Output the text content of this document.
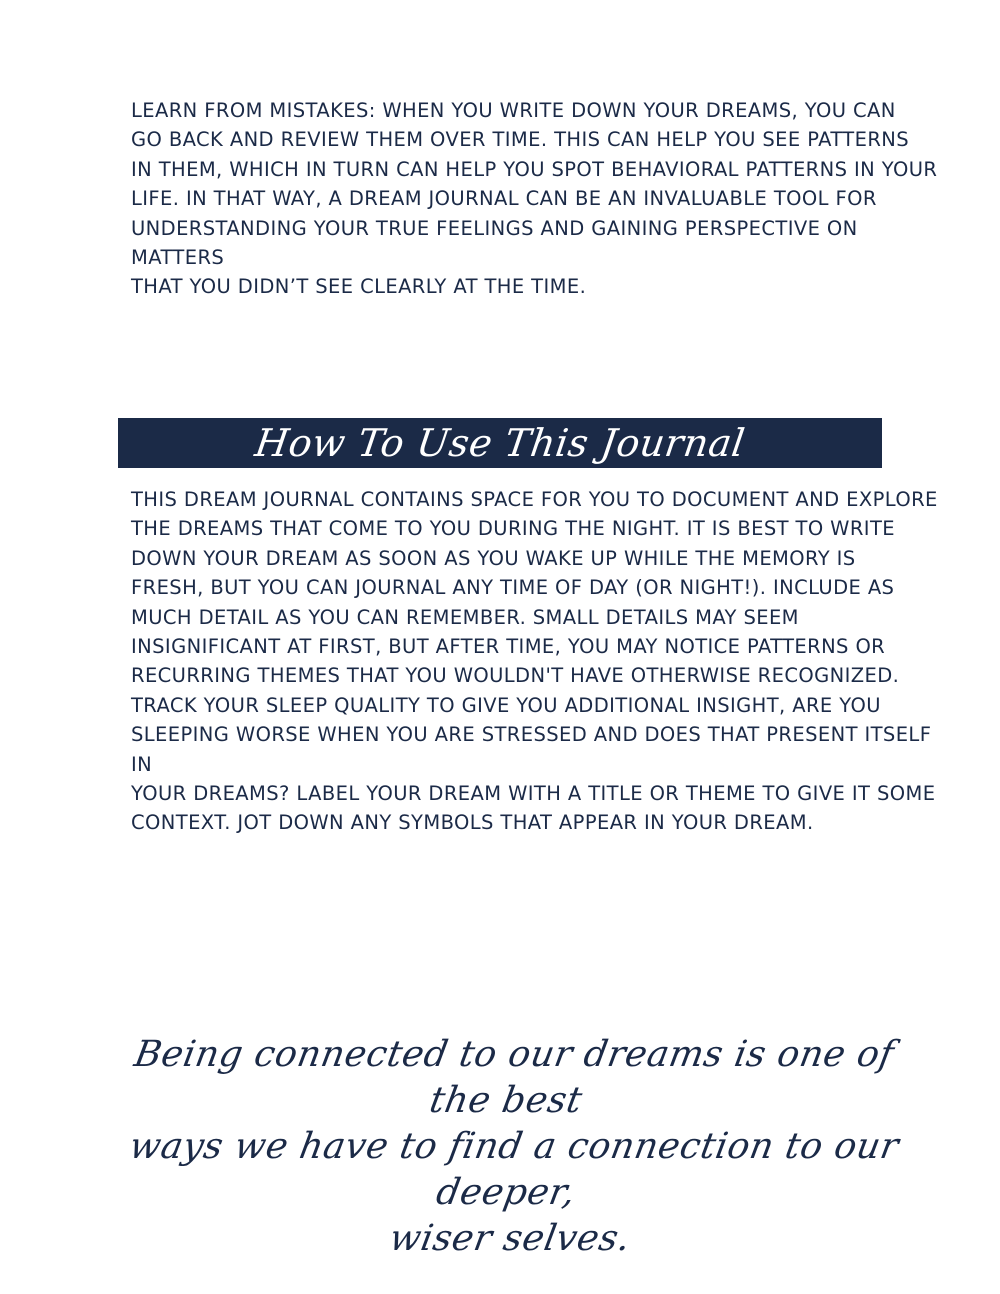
LEARN FROM MISTAKES: WHEN YOU WRITE DOWN YOUR DREAMS, YOU CAN
GO BACK AND REVIEW THEM OVER TIME. THIS CAN HELP YOU SEE PATTERNS
IN THEM, WHICH IN TURN CAN HELP YOU SPOT BEHAVIORAL PATTERNS IN YOUR
LIFE. IN THAT WAY, A DREAM JOURNAL CAN BE AN INVALUABLE TOOL FOR
UNDERSTANDING YOUR TRUE FEELINGS AND GAINING PERSPECTIVE ON
MATTERS
THAT YOU DIDN’T SEE CLEARLY AT THE TIME.

How To Use This Journal

THIS DREAM JOURNAL CONTAINS SPACE FOR YOU TO DOCUMENT AND EXPLORE
THE DREAMS THAT COME TO YOU DURING THE NIGHT. IT IS BEST TO WRITE
DOWN YOUR DREAM AS SOON AS YOU WAKE UP WHILE THE MEMORY IS
FRESH, BUT YOU CAN JOURNAL ANY TIME OF DAY (OR NIGHT!). INCLUDE AS
MUCH DETAIL AS YOU CAN REMEMBER. SMALL DETAILS MAY SEEM
INSIGNIFICANT AT FIRST, BUT AFTER TIME, YOU MAY NOTICE PATTERNS OR
RECURRING THEMES THAT YOU WOULDN'T HAVE OTHERWISE RECOGNIZED.
TRACK YOUR SLEEP QUALITY TO GIVE YOU ADDITIONAL INSIGHT, ARE YOU
SLEEPING WORSE WHEN YOU ARE STRESSED AND DOES THAT PRESENT ITSELF
IN
YOUR DREAMS? LABEL YOUR DREAM WITH A TITLE OR THEME TO GIVE IT SOME
CONTEXT. JOT DOWN ANY SYMBOLS THAT APPEAR IN YOUR DREAM.

Being connected to our dreams is one of the best
ways we have to find a connection to our deeper,
wiser selves.
